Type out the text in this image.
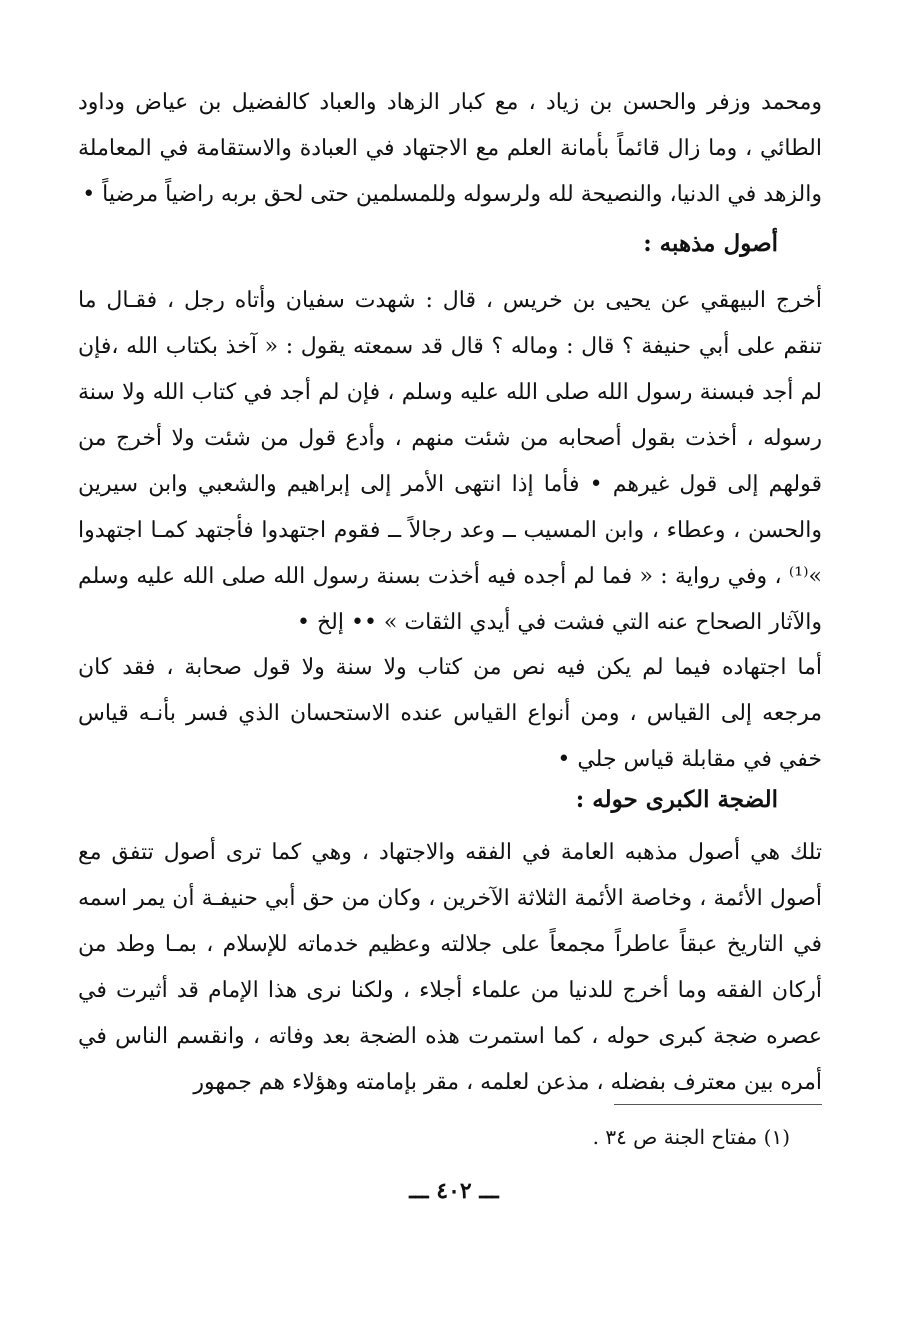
ومحمد وزفر والحسن بن زياد ، مع كبار الزهاد والعباد كالفضيل بن عياض وداود الطائي ، وما زال قائماً بأمانة العلم مع الاجتهاد في العبادة والاستقامة في المعاملة والزهد في الدنيا، والنصيحة لله ولرسوله وللمسلمين حتى لحق بربه راضياً مرضياً •

أصول مذهبه :

أخرج البيهقي عن يحيى بن خريس ، قال : شهدت سفيان وأتاه رجل ، فقـال ما تنقم على أبي حنيفة ؟ قال : وماله ؟ قال قد سمعته يقول : « آخذ بكتاب الله ،فإن لم أجد فبسنة رسول الله صلى الله عليه وسلم ، فإن لم أجد في كتاب الله ولا سنة رسوله ، أخذت بقول أصحابه من شئت منهم ، وأدع قول من شئت ولا أخرج من قولهم إلى قول غيرهم • فأما إذا انتهى الأمر إلى إبراهيم والشعبي وابن سيرين والحسن ، وعطاء ، وابن المسيب ــ وعد رجالاً ــ فقوم اجتهدوا فأجتهد كمـا اجتهدوا »⁽¹⁾ ، وفي رواية : « فما لم أجده فيه أخذت بسنة رسول الله صلى الله عليه وسلم والآثار الصحاح عنه التي فشت في أيدي الثقات » •• إلخ •

أما اجتهاده فيما لم يكن فيه نص من كتاب ولا سنة ولا قول صحابة ، فقد كان مرجعه إلى القياس ، ومن أنواع القياس عنده الاستحسان الذي فسر بأنـه قياس خفي في مقابلة قياس جلي •

الضجة الكبرى حوله :

تلك هي أصول مذهبه العامة في الفقه والاجتهاد ، وهي كما ترى أصول تتفق مع أصول الأئمة ، وخاصة الأئمة الثلاثة الآخرين ، وكان من حق أبي حنيفـة أن يمر اسمه في التاريخ عبقاً عاطراً مجمعاً على جلالته وعظيم خدماته للإسلام ، بمـا وطد من أركان الفقه وما أخرج للدنيا من علماء أجلاء ، ولكنا نرى هذا الإمام قد أثيرت في عصره ضجة كبرى حوله ، كما استمرت هذه الضجة بعد وفاته ، وانقسم الناس في أمره بين معترف بفضله ، مذعن لعلمه ، مقر بإمامته وهؤلاء هم جمهور

(١) مفتاح الجنة ص ٣٤ .
ـــ ٤٠٢ ـــ
